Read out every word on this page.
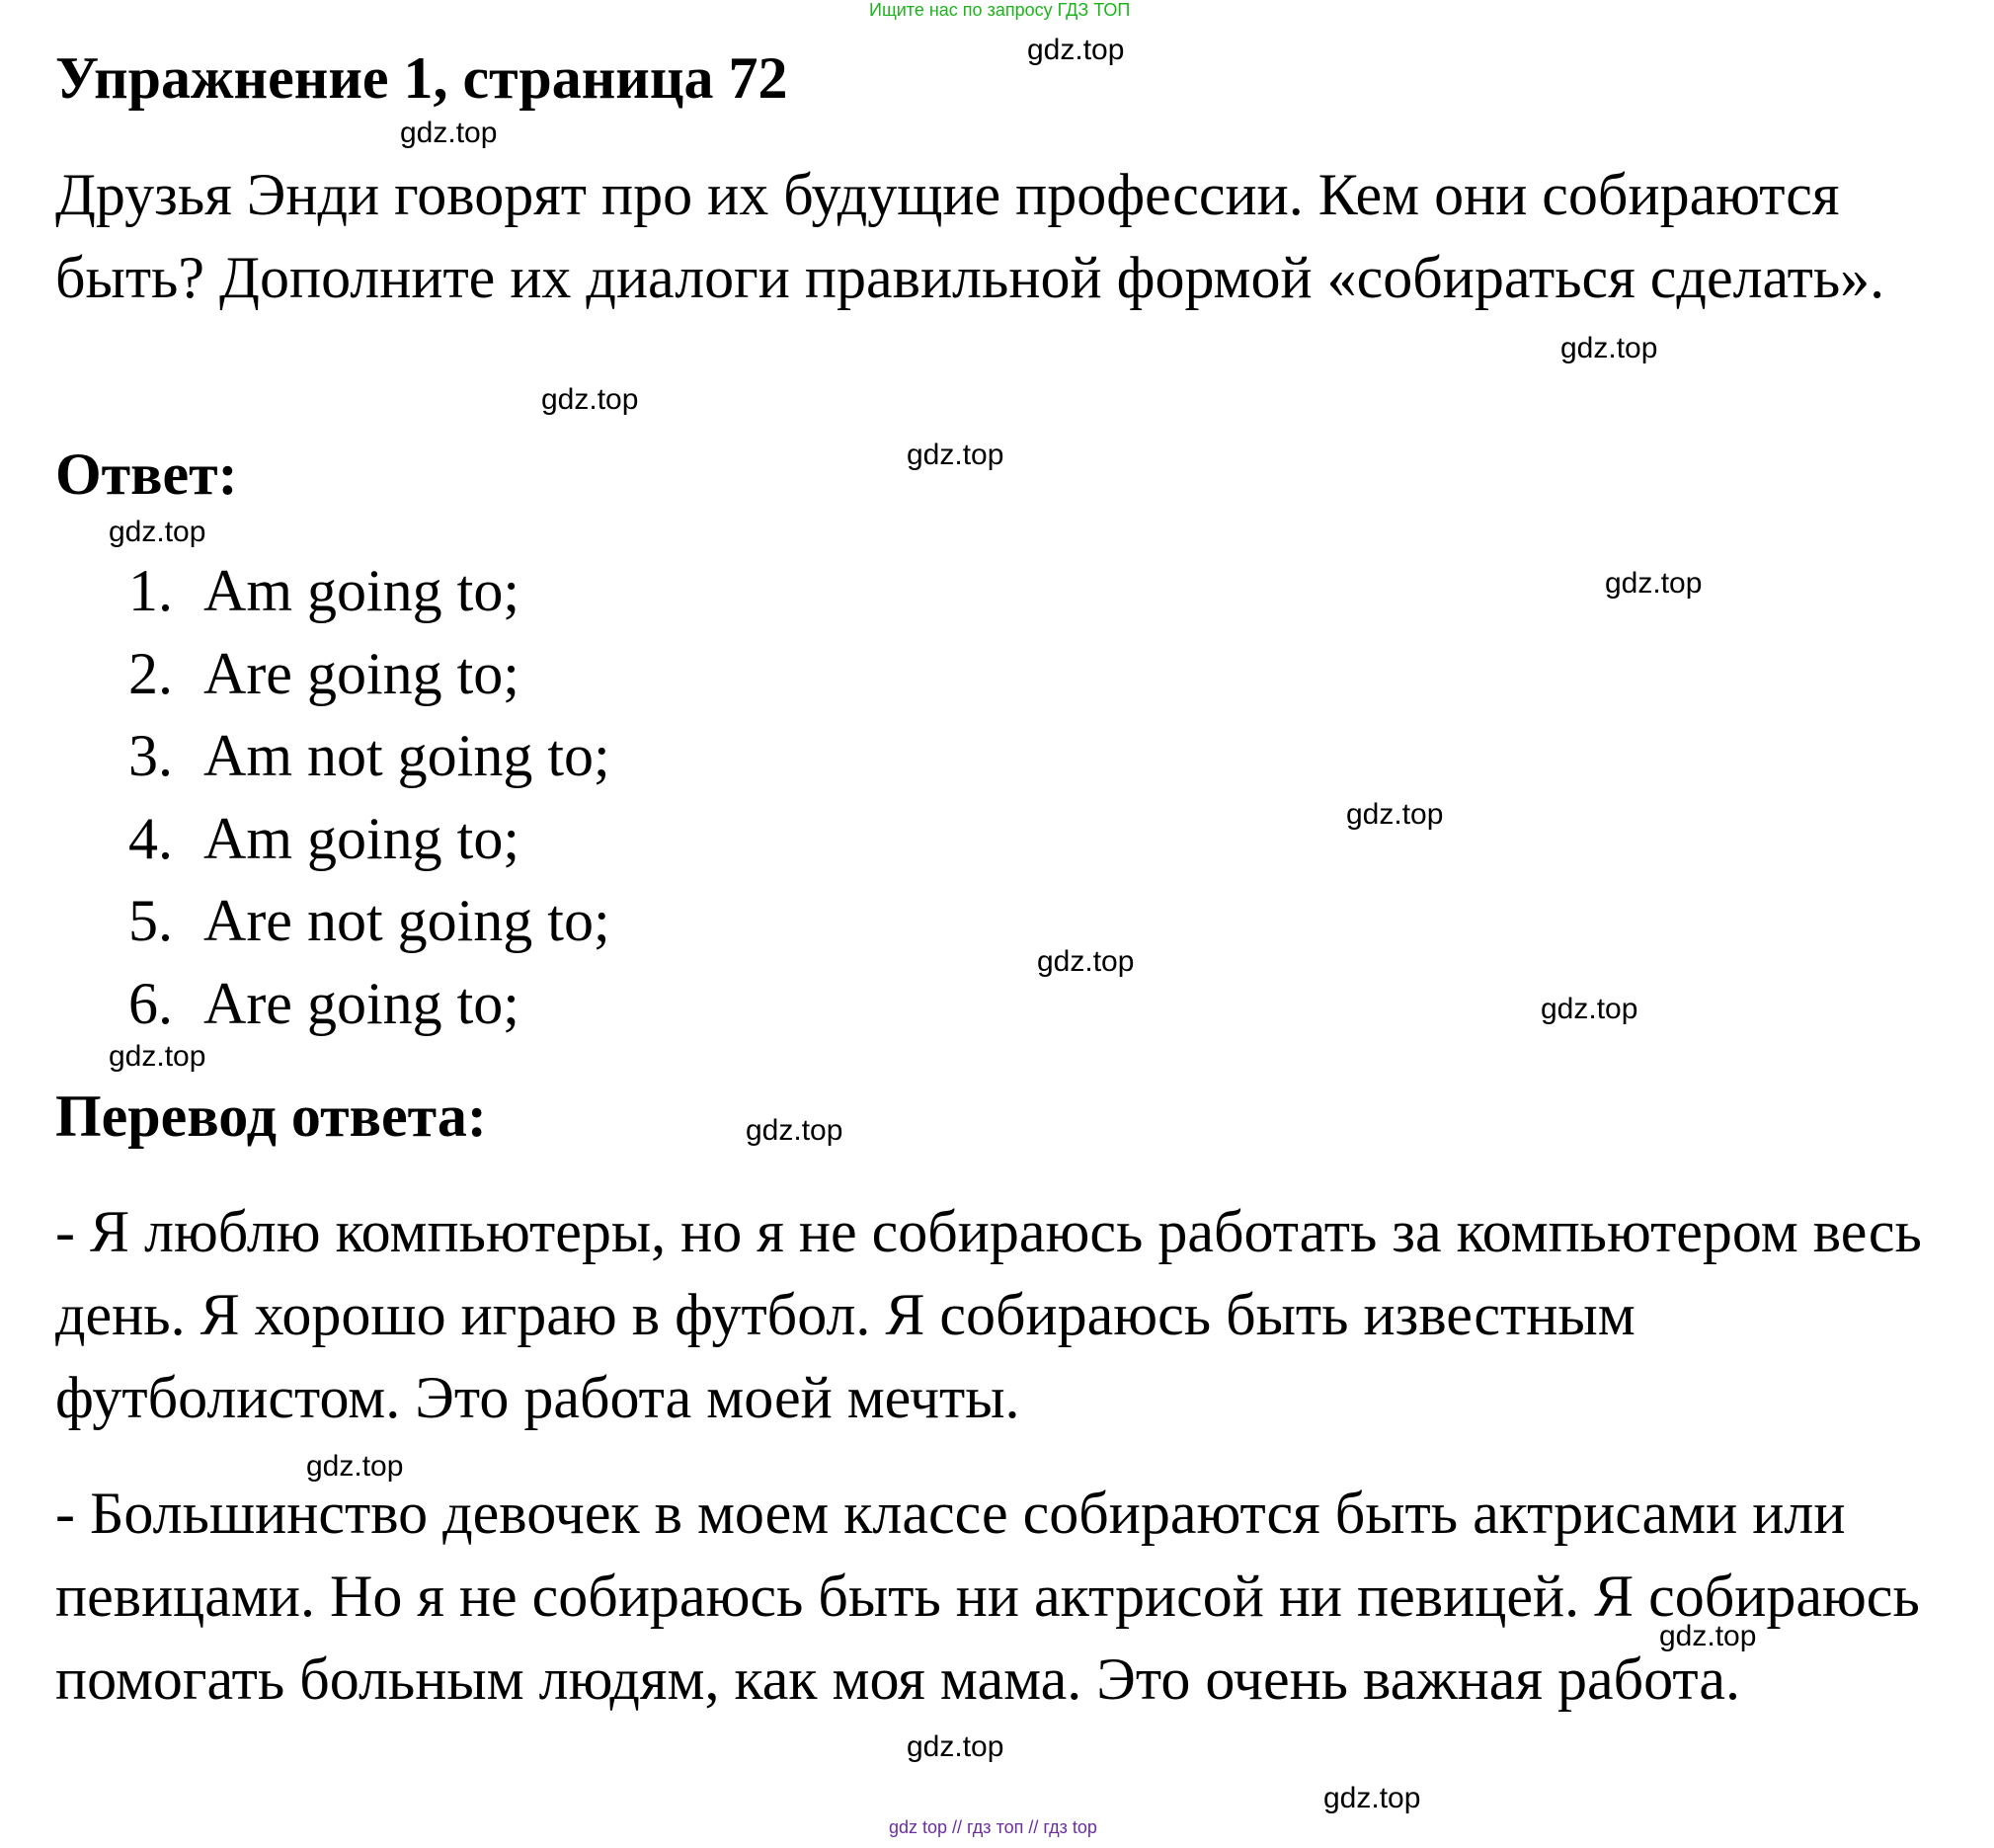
Ищите нас по запросу ГДЗ ТОП
Упражнение 1, страница 72
Друзья Энди говорят про их будущие профессии. Кем они собираются быть? Дополните их диалоги правильной формой «собираться сделать».
Ответ:
1. Am going to;
2. Are going to;
3. Am not going to;
4. Am going to;
5. Are not going to;
6. Are going to;
Перевод ответа:
- Я люблю компьютеры, но я не собираюсь работать за компьютером весь день. Я хорошо играю в футбол. Я собираюсь быть известным футболистом. Это работа моей мечты.
- Большинство девочек в моем классе собираются быть актрисами или певицами. Но я не собираюсь быть ни актрисой ни певицей. Я собираюсь помогать больным людям, как моя мама. Это очень важная работа.
gdz.top
gdz.top
gdz.top
gdz.top
gdz.top
gdz.top
gdz.top
gdz.top
gdz.top
gdz.top
gdz.top
gdz.top
gdz.top
gdz.top
gdz.top
gdz.top
gdz top // гдз топ // гдз top
